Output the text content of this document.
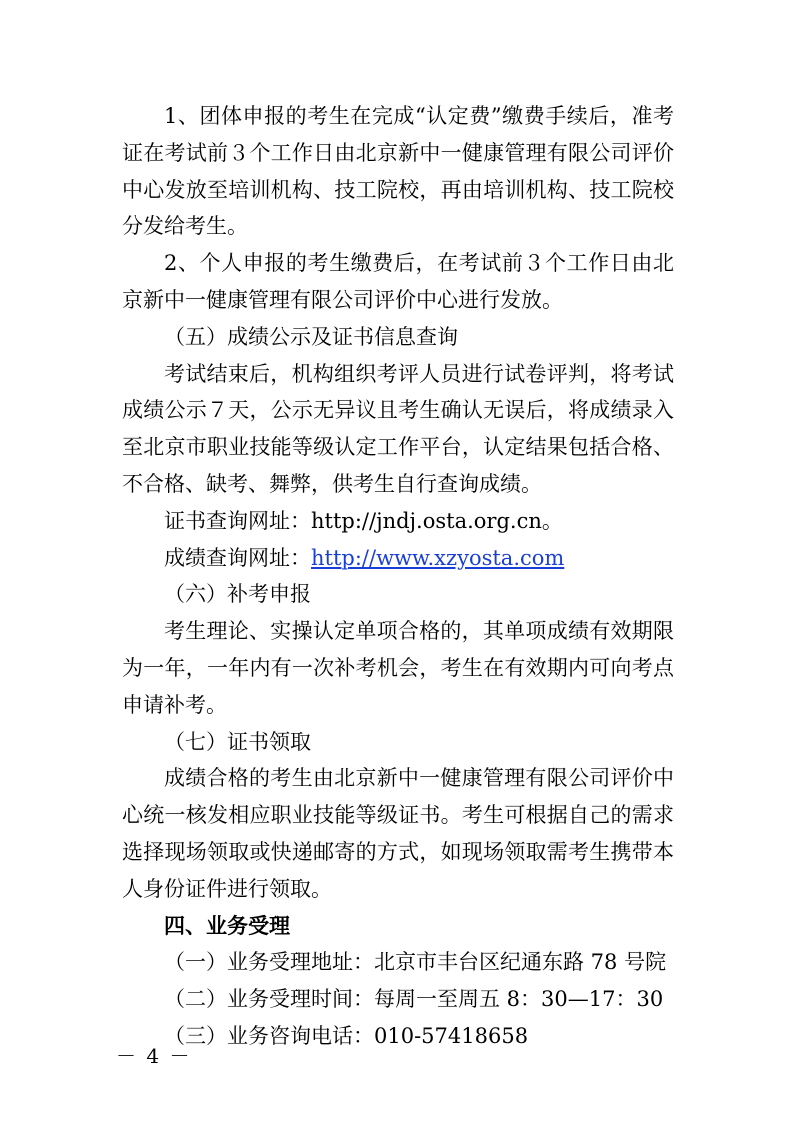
1、团体申报的考生在完成“认定费”缴费手续后，准考证在考试前３个工作日由北京新中一健康管理有限公司评价中心发放至培训机构、技工院校，再由培训机构、技工院校分发给考生。

2、个人申报的考生缴费后，在考试前３个工作日由北京新中一健康管理有限公司评价中心进行发放。

（五）成绩公示及证书信息查询

考试结束后，机构组织考评人员进行试卷评判，将考试成绩公示７天，公示无异议且考生确认无误后，将成绩录入至北京市职业技能等级认定工作平台，认定结果包括合格、不合格、缺考、舞弊，供考生自行查询成绩。

证书查询网址：http://jndj.osta.org.cn。

成绩查询网址：http://www.xzyosta.com

（六）补考申报

考生理论、实操认定单项合格的，其单项成绩有效期限为一年，一年内有一次补考机会，考生在有效期内可向考点申请补考。

（七）证书领取

成绩合格的考生由北京新中一健康管理有限公司评价中心统一核发相应职业技能等级证书。考生可根据自己的需求选择现场领取或快递邮寄的方式，如现场领取需考生携带本人身份证件进行领取。

四、业务受理

（一）业务受理地址：北京市丰台区纪通东路 78 号院

（二）业务受理时间：每周一至周五 8：30—17：30

（三）业务咨询电话：010-57418658

－ 4 －
